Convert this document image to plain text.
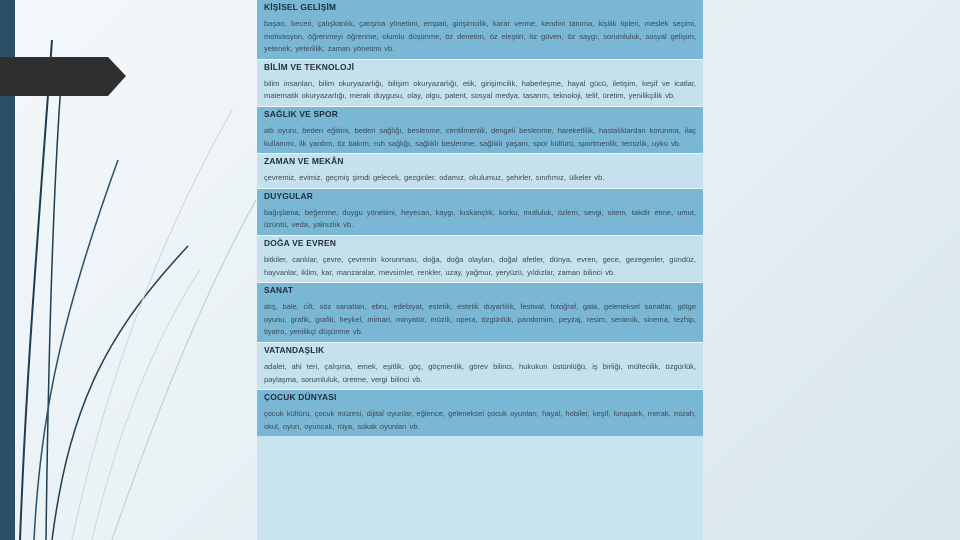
KİŞİSEL GELİŞİM
başarı, beceri, çalışkanlık, çatışma yönetimi, empati, girişimcilik, karar verme, kendini tanıma, kişilik tipleri, meslek seçimi, motivasyon, öğrenmeyi öğrenme, olumlu düşünme, öz denetim, öz eleştiri, öz güven, öz saygı, sorumluluk, sosyal gelişim, yetenek, yeterlilik, zaman yönetimi vb.
BİLİM VE TEKNOLOJİ
bilim insanları, bilim okuryazarlığı, bilişim okuryazarlığı, etik, girişimcilik, haberleşme, hayal gücü, iletişim, keşif ve icatlar, matematik okuryazarlığı, merak duygusu, olay, olgu, patent, sosyal medya, tasarım, teknoloji, telif, üretim, yenilikçilik vb.
SAĞLIK VE SPOR
atlı oyunı, beden eğitimi, beden sağlığı, beslenme, centilmenlik, dengeli beslenme, hareketlilik, hastalıklardan korunma, ilaç kullanımı, ilk yardım, öz bakım, ruh sağlığı, sağlıklı beslenme, sağlıklı yaşam, spor kültürü, sportmenlik, temizlik, uyku vb.
ZAMAN VE MEKÂN
çevremiz, evimiz, geçmiş şimdi gelecek, gezginler, odamız, okulumuz, şehirler, sınıfımız, ülkeler vb.
DUYGULAR
bağışlama, beğenme, duygu yönetimi, heyecan, kaygı, kıskançlık, korku, mutluluk, özlem, sevgi, sitem, takdir etme, umut, üzüntü, veda, yalnızlık vb.
DOĞA VE EVREN
bitkiler, canlılar, çevre, çevrenin korunması, doğa, doğa olayları, doğal afetler, dünya, evren, gece, gezegenler, gündüz, hayvanlar, iklim, kar, manzaralar, mevsimler, renkler, uzay, yağmur, yeryüzü, yıldızlar, zaman bilinci vb.
SANAT
alış, bale, cilt, söz sanatları, ebru, edebiyat, estetik, estetik duyarlılık, festival, fotoğraf, gala, geleneksel sanatlar, gölge oyunu, grafik, grafiti, heykel, mimari, minyatür, müzik, opera, özgünlük, pandomim, peyzaj, resim, seramik, sinema, tezhip, tiyatro, yenilikçi düşünme vb.
VATANDAŞLIK
adalet, ahi teri, çalışma, emek, eşitlik, göç, göçmenlik, görev bilinci, hukukun üstünlüğü, iş birliği, mültecilik, özgürlük, paylaşma, sorumluluk, üretme, vergi bilinci vb.
ÇOCUK DÜNYASI
çocuk kültürü, çocuk müzesi, dijital oyunlar, eğlence, geleneksel çocuk oyunları, hayal, hobiler, keşif, lunapark, merak, mizah, okul, oyun, oyuncak, rüya, sokak oyunları vb.
